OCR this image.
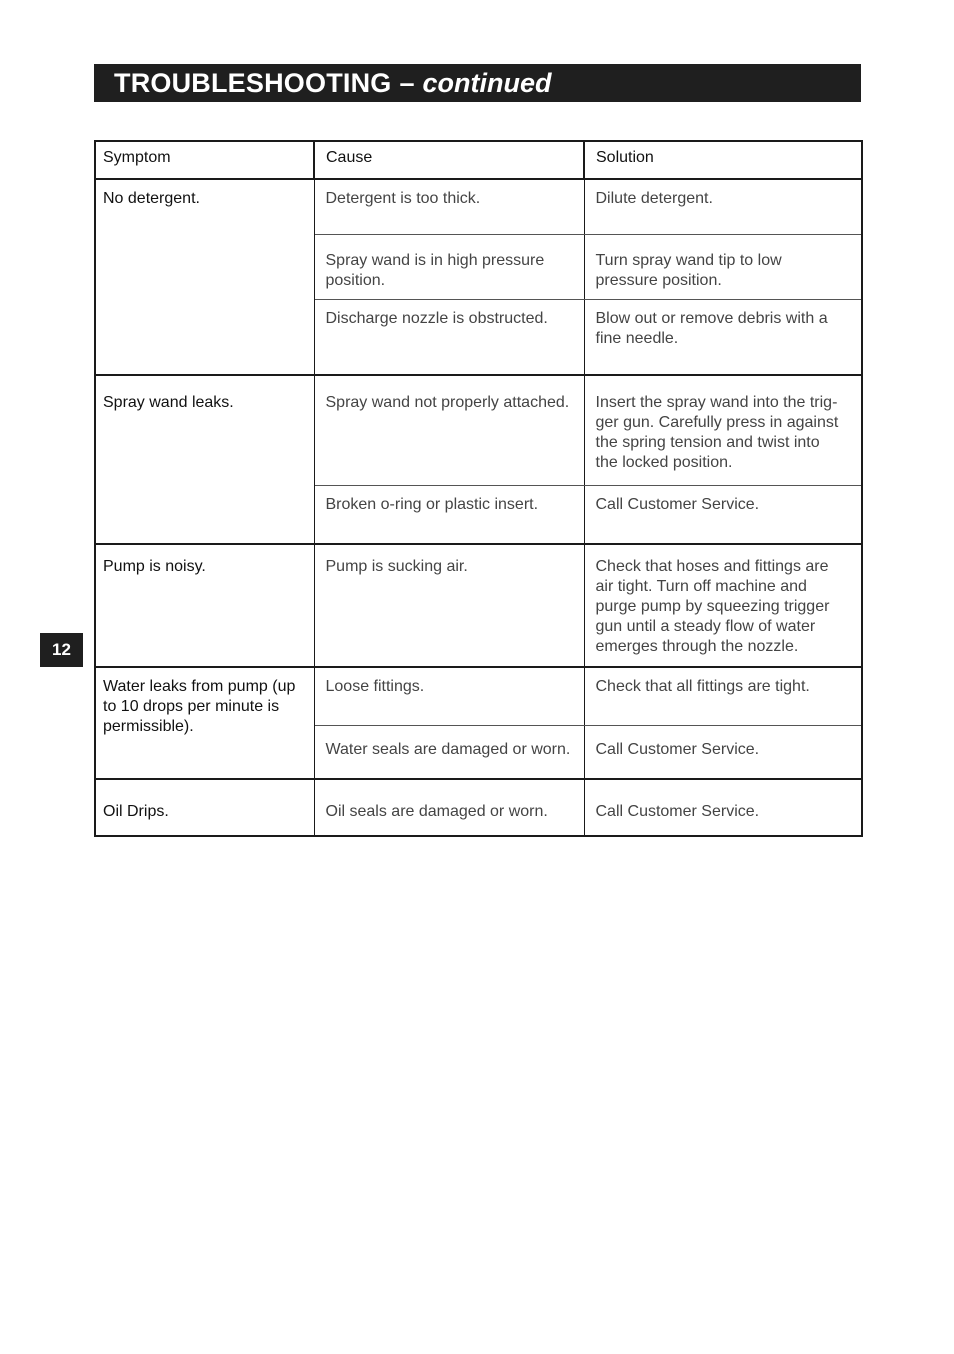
TROUBLESHOOTING – continued
12
Symptom	Cause	Solution
No detergent.	Detergent is too thick.	Dilute detergent.
	Spray wand is in high pressure position.	Turn spray wand tip to low pressure position.
	Discharge nozzle is obstructed.	Blow out or remove debris with a fine needle.
Spray wand leaks.	Spray wand not properly attached.	Insert the spray wand into the trig-ger gun. Carefully press in against the spring tension and twist into the locked position.
	Broken o-ring or plastic insert.	Call Customer Service.
Pump is noisy.	Pump is sucking air.	Check that hoses and fittings are air tight. Turn off machine and purge pump by squeezing trigger gun until a steady flow of water emerges through the nozzle.
Water leaks from pump (up to 10 drops per minute is permissible).	Loose fittings.	Check that all fittings are tight.
	Water seals are damaged or worn.	Call Customer Service.
Oil Drips.	Oil seals are damaged or worn.	Call Customer Service.
